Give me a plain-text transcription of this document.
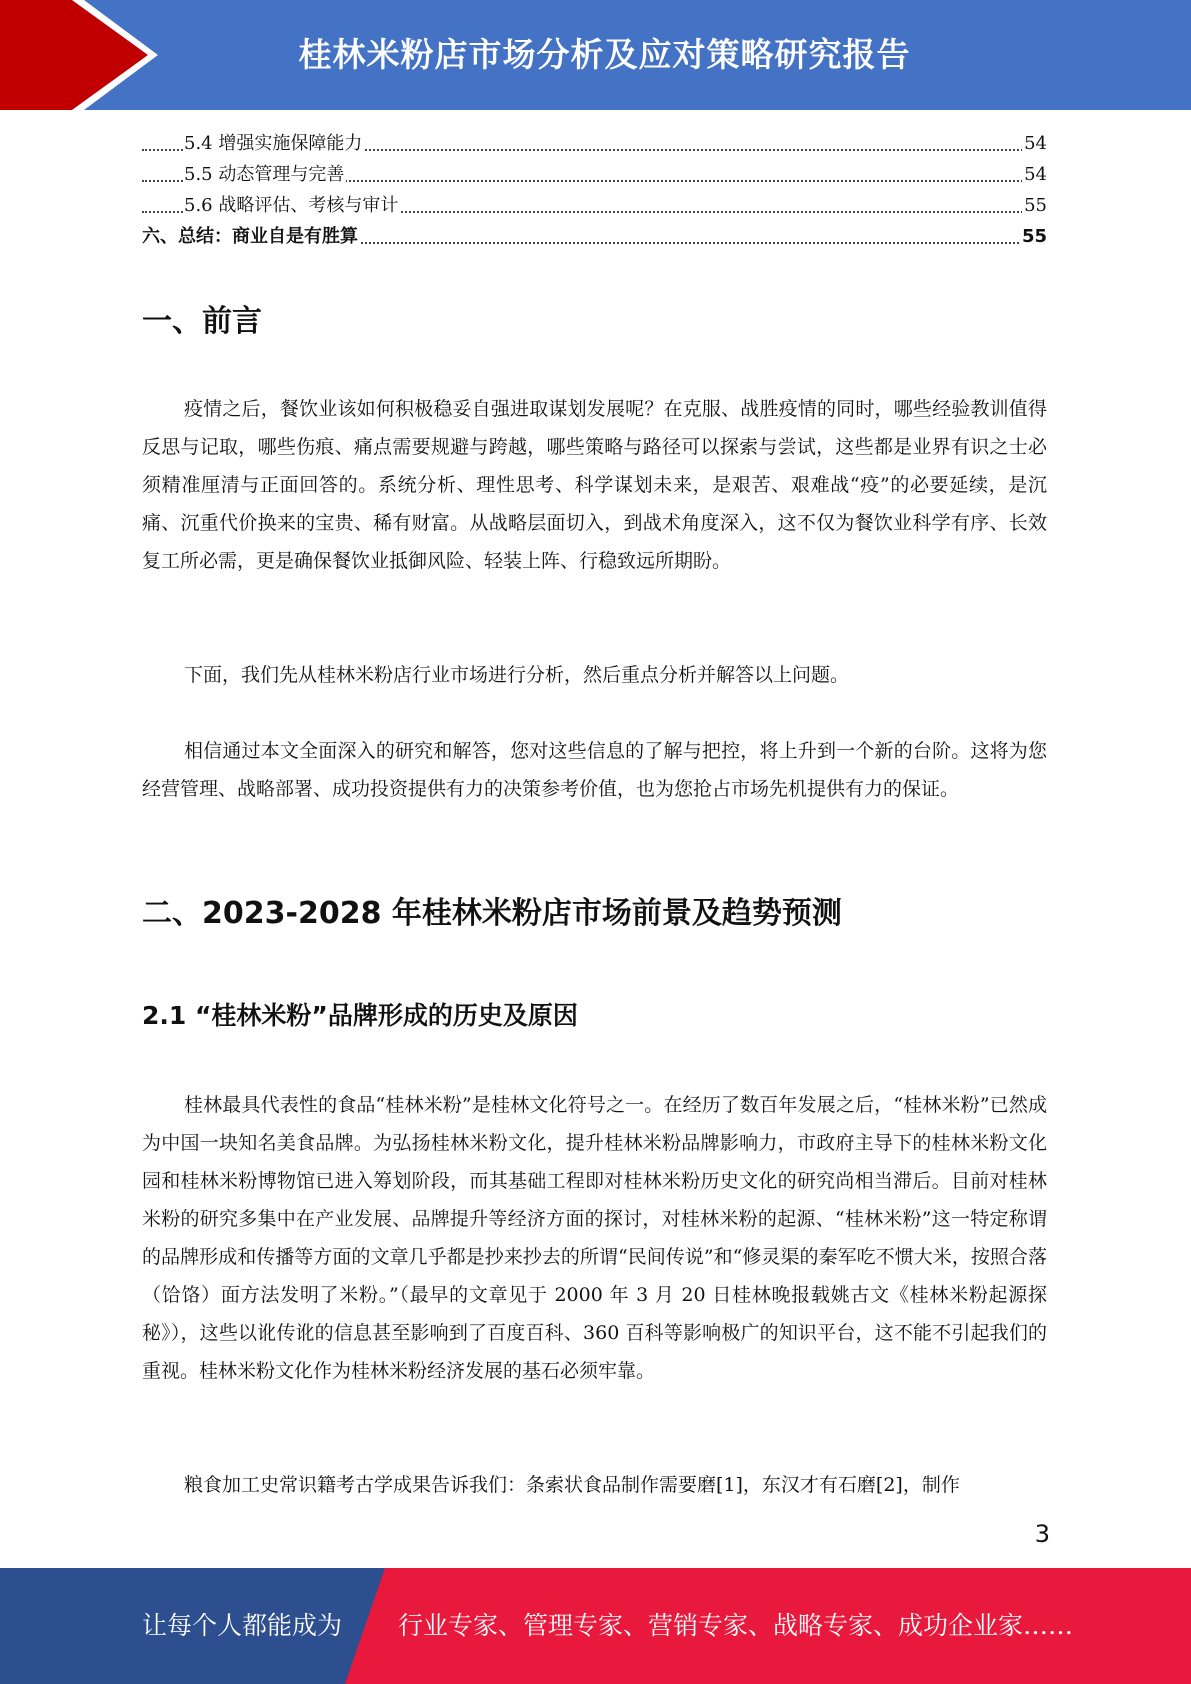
桂林米粉店市场分析及应对策略研究报告
5.4 增强实施保障能力	54
5.5 动态管理与完善	54
5.6 战略评估、考核与审计	55
六、总结：商业自是有胜算	55
一、前言

疫情之后，餐饮业该如何积极稳妥自强进取谋划发展呢？在克服、战胜疫情的同时，哪些经验教训值得反思与记取，哪些伤痕、痛点需要规避与跨越，哪些策略与路径可以探索与尝试，这些都是业界有识之士必须精准厘清与正面回答的。系统分析、理性思考、科学谋划未来，是艰苦、艰难战“疫”的必要延续，是沉痛、沉重代价换来的宝贵、稀有财富。从战略层面切入，到战术角度深入，这不仅为餐饮业科学有序、长效复工所必需，更是确保餐饮业抵御风险、轻装上阵、行稳致远所期盼。

下面，我们先从桂林米粉店行业市场进行分析，然后重点分析并解答以上问题。

相信通过本文全面深入的研究和解答，您对这些信息的了解与把控，将上升到一个新的台阶。这将为您经营管理、战略部署、成功投资提供有力的决策参考价值，也为您抢占市场先机提供有力的保证。

二、2023-2028 年桂林米粉店市场前景及趋势预测
2.1 “桂林米粉”品牌形成的历史及原因

桂林最具代表性的食品“桂林米粉”是桂林文化符号之一。在经历了数百年发展之后，“桂林米粉”已然成为中国一块知名美食品牌。为弘扬桂林米粉文化，提升桂林米粉品牌影响力，市政府主导下的桂林米粉文化园和桂林米粉博物馆已进入筹划阶段，而其基础工程即对桂林米粉历史文化的研究尚相当滞后。目前对桂林米粉的研究多集中在产业发展、品牌提升等经济方面的探讨，对桂林米粉的起源、“桂林米粉”这一特定称谓的品牌形成和传播等方面的文章几乎都是抄来抄去的所谓“民间传说”和“修灵渠的秦军吃不惯大米，按照合落（饸饹）面方法发明了米粉。”（最早的文章见于 2000 年 3 月 20 日桂林晚报载姚古文《桂林米粉起源探秘》），这些以讹传讹的信息甚至影响到了百度百科、360 百科等影响极广的知识平台，这不能不引起我们的重视。桂林米粉文化作为桂林米粉经济发展的基石必须牢靠。

粮食加工史常识籍考古学成果告诉我们：条索状食品制作需要磨[1]，东汉才有石磨[2]，制作

3
让每个人都能成为 行业专家、管理专家、营销专家、战略专家、成功企业家……
